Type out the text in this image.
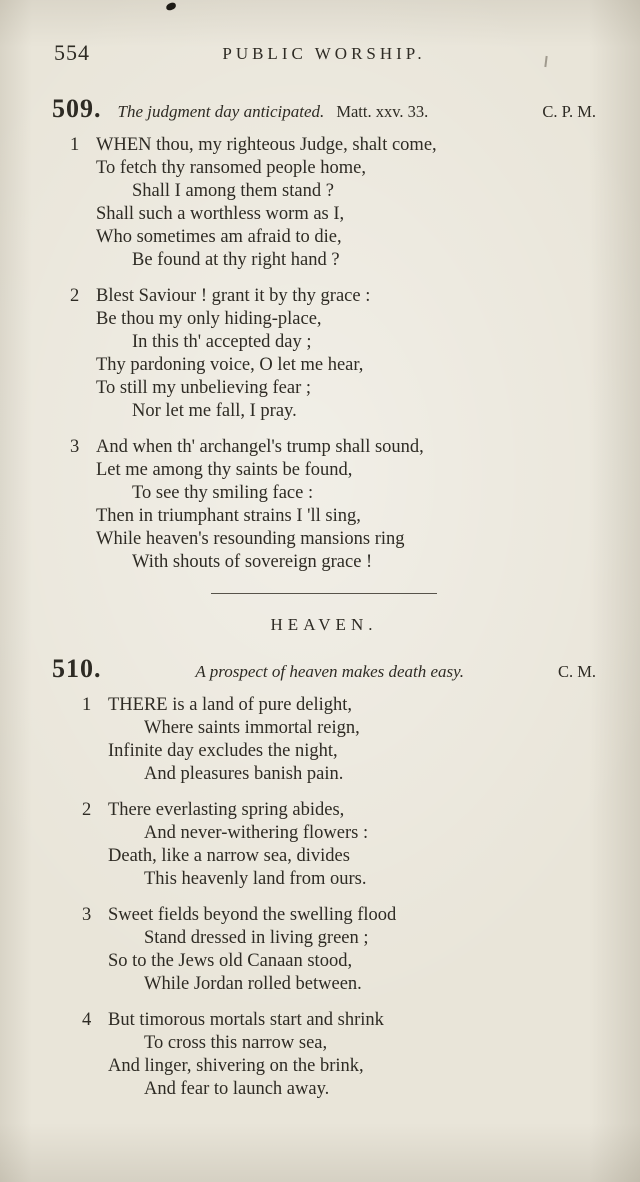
554	PUBLIC WORSHIP.
509. The judgment day anticipated. Matt. xxv. 33.	C. P. M.
1 WHEN thou, my righteous Judge, shalt come,
To fetch thy ransomed people home,
Shall I among them stand ?
Shall such a worthless worm as I,
Who sometimes am afraid to die,
Be found at thy right hand ?
2 Blest Saviour ! grant it by thy grace :
Be thou my only hiding-place,
In this th' accepted day ;
Thy pardoning voice, O let me hear,
To still my unbelieving fear ;
Nor let me fall, I pray.
3 And when th' archangel's trump shall sound,
Let me among thy saints be found,
To see thy smiling face :
Then in triumphant strains I 'll sing,
While heaven's resounding mansions ring
With shouts of sovereign grace !
HEAVEN.
510.	A prospect of heaven makes death easy.	C. M.
1 THERE is a land of pure delight,
Where saints immortal reign,
Infinite day excludes the night,
And pleasures banish pain.
2 There everlasting spring abides,
And never-withering flowers :
Death, like a narrow sea, divides
This heavenly land from ours.
3 Sweet fields beyond the swelling flood
Stand dressed in living green ;
So to the Jews old Canaan stood,
While Jordan rolled between.
4 But timorous mortals start and shrink
To cross this narrow sea,
And linger, shivering on the brink,
And fear to launch away.
